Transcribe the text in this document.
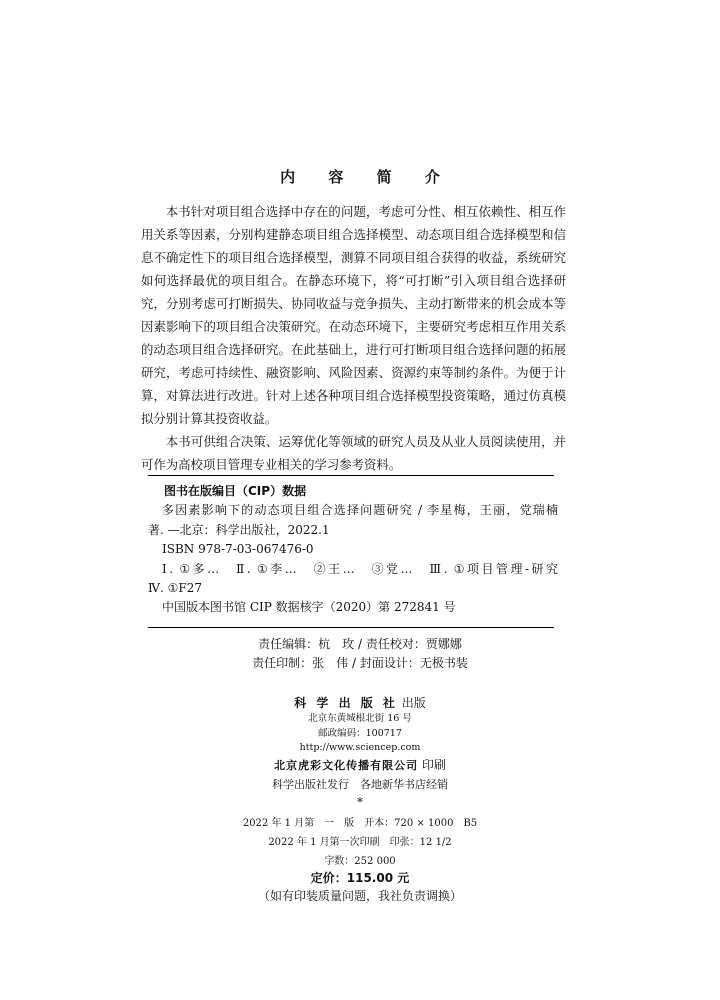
内 容 简 介

本书针对项目组合选择中存在的问题，考虑可分性、相互依赖性、相互作用关系等因素，分别构建静态项目组合选择模型、动态项目组合选择模型和信息不确定性下的项目组合选择模型，测算不同项目组合获得的收益，系统研究如何选择最优的项目组合。在静态环境下，将“可打断”引入项目组合选择研究，分别考虑可打断损失、协同收益与竞争损失、主动打断带来的机会成本等因素影响下的项目组合决策研究。在动态环境下，主要研究考虑相互作用关系的动态项目组合选择研究。在此基础上，进行可打断项目组合选择问题的拓展研究，考虑可持续性、融资影响、风险因素、资源约束等制约条件。为便于计算，对算法进行改进。针对上述各种项目组合选择模型投资策略，通过仿真模拟分别计算其投资收益。

本书可供组合决策、运筹优化等领域的研究人员及从业人员阅读使用，并可作为高校项目管理专业相关的学习参考资料。

图书在版编目（CIP）数据
多因素影响下的动态项目组合选择问题研究 / 李星梅，王丽，党瑞楠
著. —北京：科学出版社，2022.1
ISBN 978-7-03-067476-0
Ⅰ. ①多…　Ⅱ. ①李…　②王…　③党…　Ⅲ. ①项目管理-研究
Ⅳ. ①F27
中国版本图书馆 CIP 数据核字（2020）第 272841 号
责任编辑：杭　玫 / 责任校对：贾娜娜
责任印制：张　伟 / 封面设计：无极书装
科 学 出 版 社 出版
北京东黄城根北街 16 号
邮政编码：100717
http://www.sciencep.com
北京虎彩文化传播有限公司 印刷
科学出版社发行　各地新华书店经销
*
2022 年 1 月第　一　版　开本：720 × 1000　B5
2022 年 1 月第一次印刷　印张：12 1/2
字数：252 000
定价：115.00 元
（如有印装质量问题，我社负责调换）
